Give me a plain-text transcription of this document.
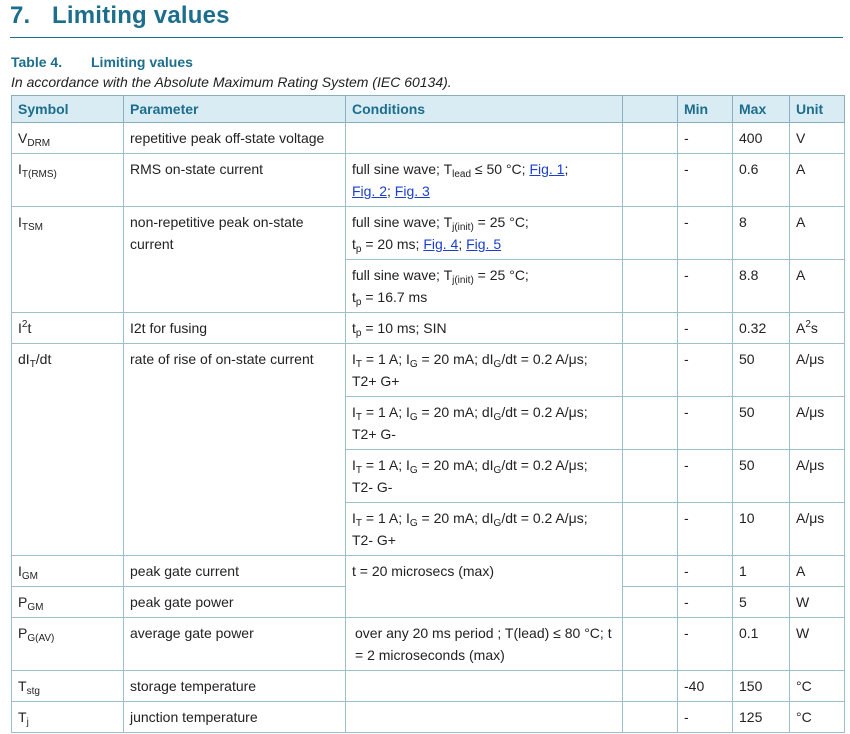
7. Limiting values
Table 4. Limiting values
In accordance with the Absolute Maximum Rating System (IEC 60134).
Symbol	Parameter	Conditions		Min	Max	Unit
$V_{DRM}$	repetitive peak off-state voltage			-	400	V
$I_{T(RMS)}$	RMS on-state current	full sine wave; $T_{lead} \le 50$ °C; Fig. 1;
Fig. 2; Fig. 3		-	0.6	A
$I_{TSM}$	non-repetitive peak on-state current	full sine wave; $T_{j(init)} = 25$ °C;
$t_p = 20$ ms; Fig. 4; Fig. 5		-	8	A
		full sine wave; $T_{j(init)} = 25$ °C;
$t_p = 16.7$ ms		-	8.8	A
$I^2t$	I2t for fusing	$t_p = 10$ ms; SIN		-	0.32	$A^2s$
$dI_T/dt$	rate of rise of on-state current	$I_T = 1$ A; $I_G = 20$ mA; $dI_G/dt = 0.2$ A/μs;
T2+ G+		-	50	A/μs
		$I_T = 1$ A; $I_G = 20$ mA; $dI_G/dt = 0.2$ A/μs;
T2+ G-		-	50	A/μs
		$I_T = 1$ A; $I_G = 20$ mA; $dI_G/dt = 0.2$ A/μs;
T2- G-		-	50	A/μs
		$I_T = 1$ A; $I_G = 20$ mA; $dI_G/dt = 0.2$ A/μs;
T2- G+		-	10	A/μs
$I_{GM}$	peak gate current	t = 20 microsecs (max)		-	1	A
$P_{GM}$	peak gate power			-	5	W
$P_{G(AV)}$	average gate power	over any 20 ms period ; T(lead) ≤ 80 °C; t = 2 microseconds (max)		-	0.1	W
$T_{stg}$	storage temperature			-40	150	°C
$T_j$	junction temperature			-	125	°C
